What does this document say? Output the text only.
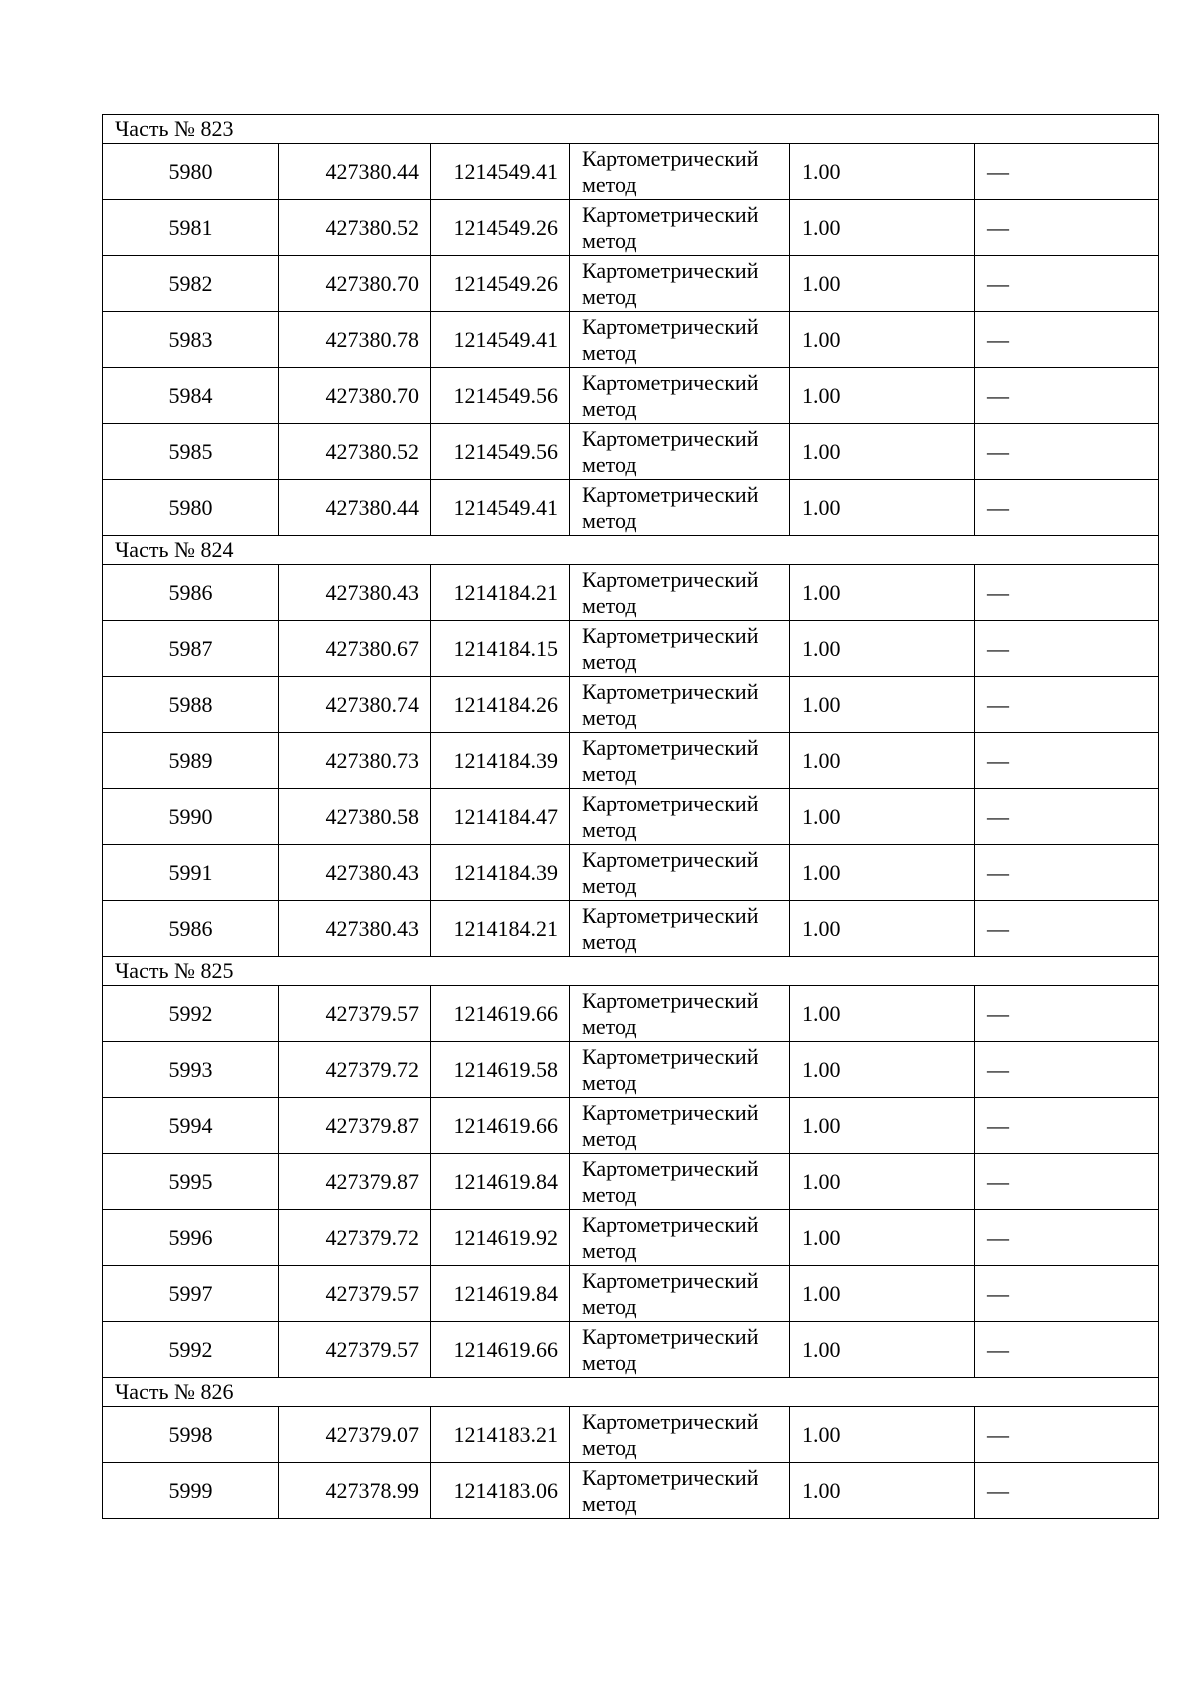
Часть № 823					
5980	427380.44	1214549.41	Картометрический
метод	1.00	—
5981	427380.52	1214549.26	Картометрический
метод	1.00	—
5982	427380.70	1214549.26	Картометрический
метод	1.00	—
5983	427380.78	1214549.41	Картометрический
метод	1.00	—
5984	427380.70	1214549.56	Картометрический
метод	1.00	—
5985	427380.52	1214549.56	Картометрический
метод	1.00	—
5980	427380.44	1214549.41	Картометрический
метод	1.00	—
Часть № 824					
5986	427380.43	1214184.21	Картометрический
метод	1.00	—
5987	427380.67	1214184.15	Картометрический
метод	1.00	—
5988	427380.74	1214184.26	Картометрический
метод	1.00	—
5989	427380.73	1214184.39	Картометрический
метод	1.00	—
5990	427380.58	1214184.47	Картометрический
метод	1.00	—
5991	427380.43	1214184.39	Картометрический
метод	1.00	—
5986	427380.43	1214184.21	Картометрический
метод	1.00	—
Часть № 825					
5992	427379.57	1214619.66	Картометрический
метод	1.00	—
5993	427379.72	1214619.58	Картометрический
метод	1.00	—
5994	427379.87	1214619.66	Картометрический
метод	1.00	—
5995	427379.87	1214619.84	Картометрический
метод	1.00	—
5996	427379.72	1214619.92	Картометрический
метод	1.00	—
5997	427379.57	1214619.84	Картометрический
метод	1.00	—
5992	427379.57	1214619.66	Картометрический
метод	1.00	—
Часть № 826					
5998	427379.07	1214183.21	Картометрический
метод	1.00	—
5999	427378.99	1214183.06	Картометрический
метод	1.00	—
